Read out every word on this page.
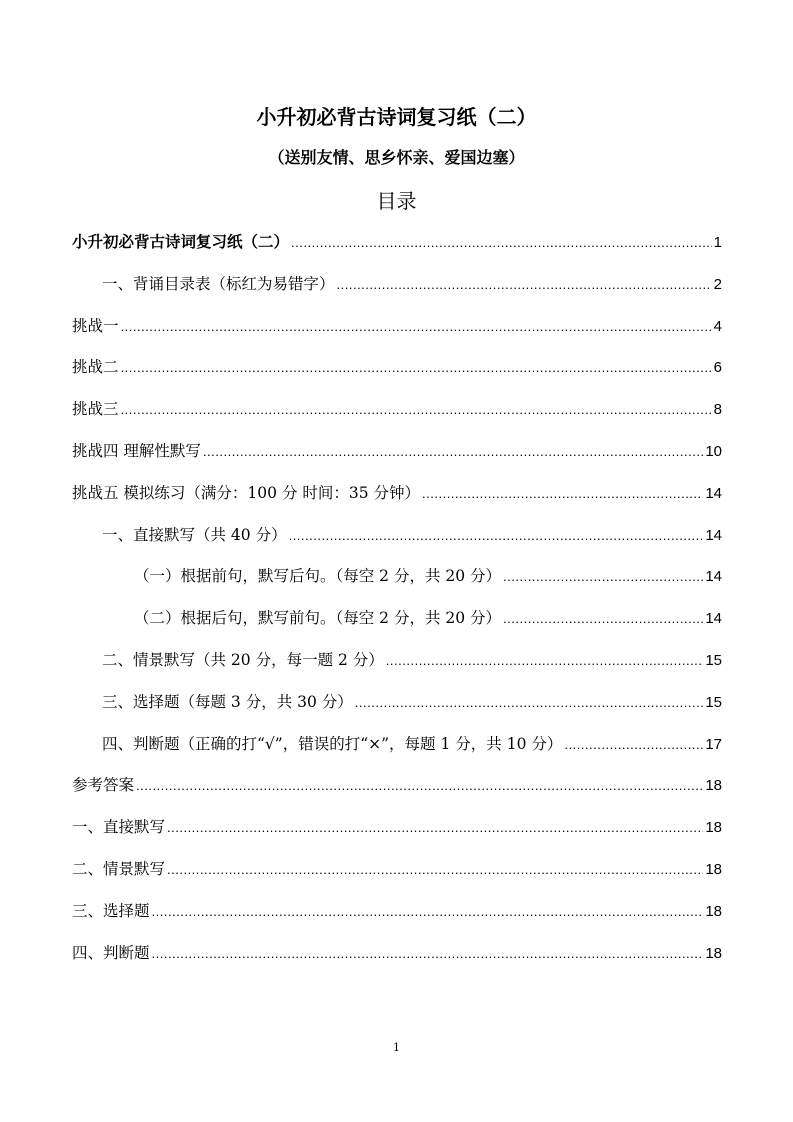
小升初必背古诗词复习纸（二）
（送别友情、思乡怀亲、爱国边塞）
目录
小升初必背古诗词复习纸（二） .....	1
一、背诵目录表（标红为易错字） .....	2
挑战一 .....	4
挑战二 .....	6
挑战三 .....	8
挑战四 理解性默写 .....	10
挑战五 模拟练习（满分：100 分 时间：35 分钟） .....	14
一、直接默写（共 40 分） .....	14
（一）根据前句，默写后句。（每空 2 分，共 20 分） .....	14
（二）根据后句，默写前句。（每空 2 分，共 20 分） .....	14
二、情景默写（共 20 分，每一题 2 分） .....	15
三、选择题（每题 3 分，共 30 分） .....	15
四、判断题（正确的打“√”，错误的打“×”，每题 1 分，共 10 分） .....	17
参考答案 .....	18
一、直接默写 .....	18
二、情景默写 .....	18
三、选择题 .....	18
四、判断题 .....	18
1
